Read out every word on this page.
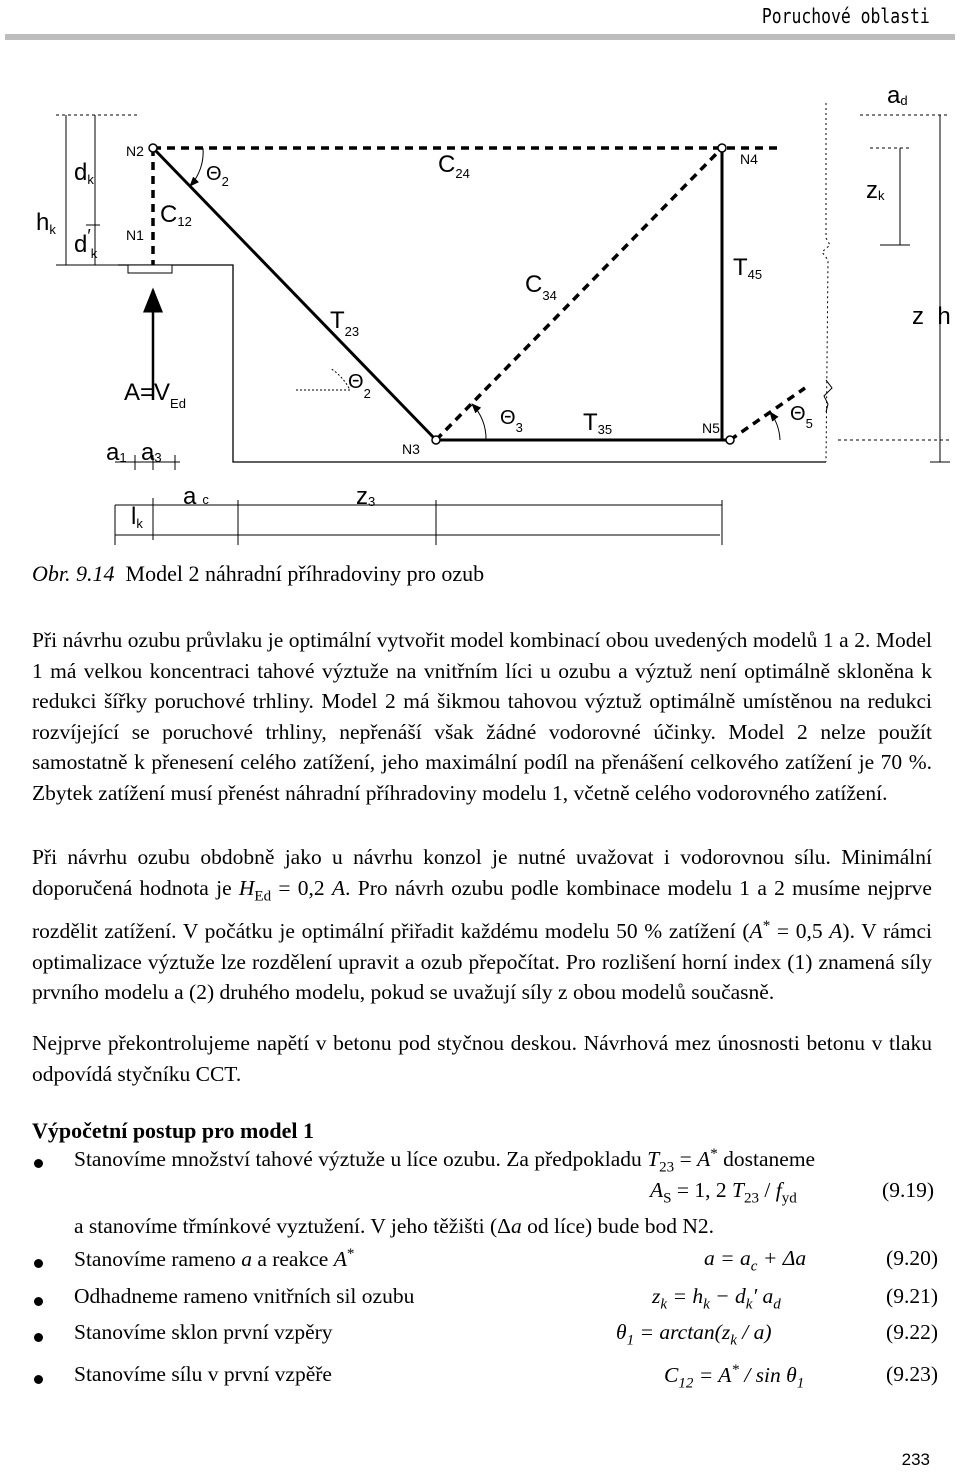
Poruchové oblasti
ad
dk
hk
$d'_k$
N2
N1
$\Theta_2$
C12
$C_{24}$
N4
zk
T45
$C_{34}$
$T_{23}$
z  h
$A=V_{Ed}$
$\Theta_2$
$\Theta_3$	T35	N5
$\Theta_5$
N3
a1 a3
ac	z3
lk
Obr. 9.14 Model 2 náhradní příhradoviny pro ozub
Při návrhu ozubu průvlaku je optimální vytvořit model kombinací obou uvedených modelů 1 a 2. Model 1 má velkou koncentraci tahové výztuže na vnitřním líci u ozubu a výztuž není optimálně skloněna k redukci šířky poruchové trhliny. Model 2 má šikmou tahovou výztuž optimálně umístěnou na redukci rozvíjející se poruchové trhliny, nepřenáší však žádné vodorovné účinky. Model 2 nelze použít samostatně k přenesení celého zatížení, jeho maximální podíl na přenášení celkového zatížení je 70 %. Zbytek zatížení musí přenést náhradní příhradoviny modelu 1, včetně celého vodorovného zatížení.
Při návrhu ozubu obdobně jako u návrhu konzol je nutné uvažovat i vodorovnou sílu. Minimální doporučená hodnota je $H_{Ed} = 0,2$ A. Pro návrh ozubu podle kombinace modelu 1 a 2 musíme nejprve rozdělit zatížení. V počátku je optimální přiřadit každému modelu 50 % zatížení (A* = 0,5 A). V rámci optimalizace výztuže lze rozdělení upravit a ozub přepočítat. Pro rozlišení horní index (1) znamená síly prvního modelu a (2) druhého modelu, pokud se uvažují síly z obou modelů současně.
Nejprve překontrolujeme napětí v betonu pod styčnou deskou. Návrhová mez únosnosti betonu v tlaku odpovídá styčníku CCT.
Výpočetní postup pro model 1
Stanovíme množství tahové výztuže u líce ozubu. Za předpokladu $T_{23} = A^*$ dostaneme
$A_S = 1$, 2 $T_{23} / f_{yd}$	(9.19)
a stanovíme třmínkové vyztužení. V jeho těžišti (Δa od líce) bude bod N2.
Stanovíme rameno a a reakce A*	$a = a_c + \Delta a$	(9.20)
Odhadneme rameno vnitřních sil ozubu	$z_k = h_k - d_k'$ $a_d$	(9.21)
Stanovíme sklon první vzpěry	$\theta_1 = \arctan(z_k / a)$	(9.22)
Stanovíme sílu v první vzpěře	$C_{12} = A^* / \sin \theta_1$	(9.23)
233
